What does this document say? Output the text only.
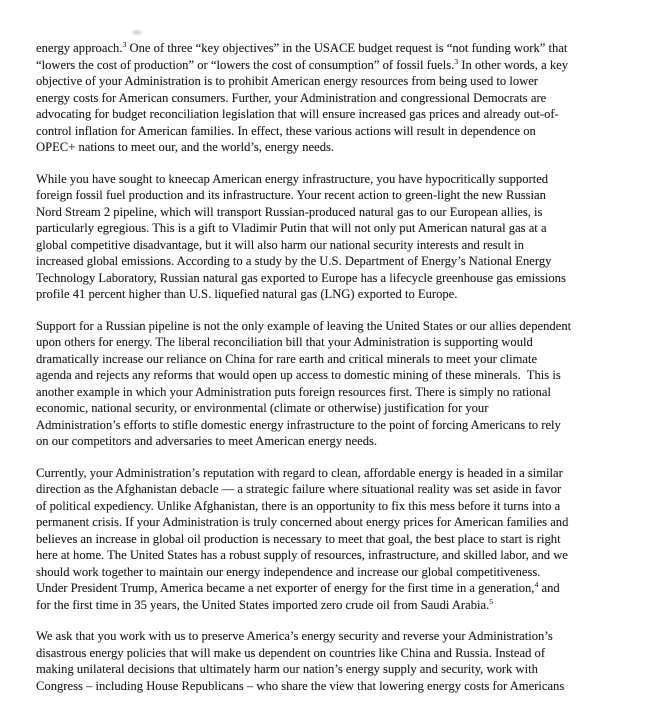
energy approach.$^3$ One of three “key objectives” in the USACE budget request is “not funding work” that
“lowers the cost of production” or “lowers the cost of consumption” of fossil fuels.$^3$ In other words, a key
objective of your Administration is to prohibit American energy resources from being used to lower
energy costs for American consumers. Further, your Administration and congressional Democrats are
advocating for budget reconciliation legislation that will ensure increased gas prices and already out-of-
control inflation for American families. In effect, these various actions will result in dependence on
OPEC+ nations to meet our, and the world’s, energy needs.

While you have sought to kneecap American energy infrastructure, you have hypocritically supported
foreign fossil fuel production and its infrastructure. Your recent action to green-light the new Russian
Nord Stream 2 pipeline, which will transport Russian-produced natural gas to our European allies, is
particularly egregious. This is a gift to Vladimir Putin that will not only put American natural gas at a
global competitive disadvantage, but it will also harm our national security interests and result in
increased global emissions. According to a study by the U.S. Department of Energy’s National Energy
Technology Laboratory, Russian natural gas exported to Europe has a lifecycle greenhouse gas emissions
profile 41 percent higher than U.S. liquefied natural gas (LNG) exported to Europe.

Support for a Russian pipeline is not the only example of leaving the United States or our allies dependent
upon others for energy. The liberal reconciliation bill that your Administration is supporting would
dramatically increase our reliance on China for rare earth and critical minerals to meet your climate
agenda and rejects any reforms that would open up access to domestic mining of these minerals.  This is
another example in which your Administration puts foreign resources first. There is simply no rational
economic, national security, or environmental (climate or otherwise) justification for your
Administration’s efforts to stifle domestic energy infrastructure to the point of forcing Americans to rely
on our competitors and adversaries to meet American energy needs.

Currently, your Administration’s reputation with regard to clean, affordable energy is headed in a similar
direction as the Afghanistan debacle — a strategic failure where situational reality was set aside in favor
of political expediency. Unlike Afghanistan, there is an opportunity to fix this mess before it turns into a
permanent crisis. If your Administration is truly concerned about energy prices for American families and
believes an increase in global oil production is necessary to meet that goal, the best place to start is right
here at home. The United States has a robust supply of resources, infrastructure, and skilled labor, and we
should work together to maintain our energy independence and increase our global competitiveness.
Under President Trump, America became a net exporter of energy for the first time in a generation,$^4$ and
for the first time in 35 years, the United States imported zero crude oil from Saudi Arabia.$^5$

We ask that you work with us to preserve America’s energy security and reverse your Administration’s
disastrous energy policies that will make us dependent on countries like China and Russia. Instead of
making unilateral decisions that ultimately harm our nation’s energy supply and security, work with
Congress – including House Republicans – who share the view that lowering energy costs for Americans
